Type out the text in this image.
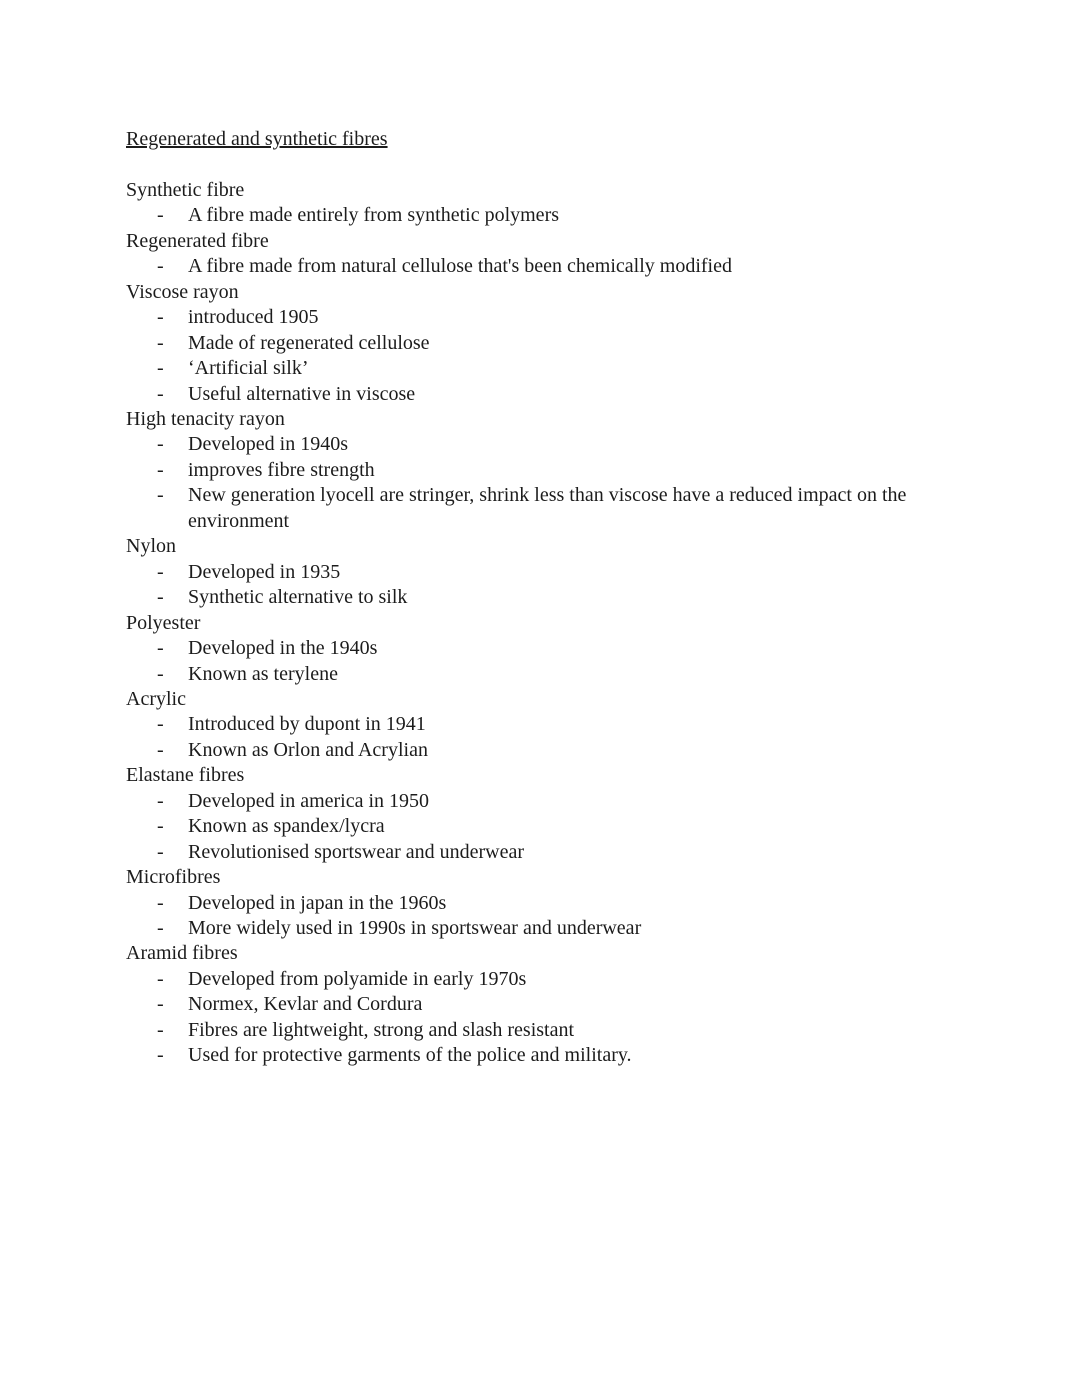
Regenerated and synthetic fibres
Synthetic fibre
- A fibre made entirely from synthetic polymers
Regenerated fibre
- A fibre made from natural cellulose that's been chemically modified
Viscose rayon
- introduced 1905
- Made of regenerated cellulose
- ‘Artificial silk’
- Useful alternative in viscose
High tenacity rayon
- Developed in 1940s
- improves fibre strength
- New generation lyocell are stringer, shrink less than viscose have a reduced impact on the environment
Nylon
- Developed in 1935
- Synthetic alternative to silk
Polyester
- Developed in the 1940s
- Known as terylene
Acrylic
- Introduced by dupont in 1941
- Known as Orlon and Acrylian
Elastane fibres
- Developed in america in 1950
- Known as spandex/lycra
- Revolutionised sportswear and underwear
Microfibres
- Developed in japan in the 1960s
- More widely used in 1990s in sportswear and underwear
Aramid fibres
- Developed from polyamide in early 1970s
- Normex, Kevlar and Cordura
- Fibres are lightweight, strong and slash resistant
- Used for protective garments of the police and military.
